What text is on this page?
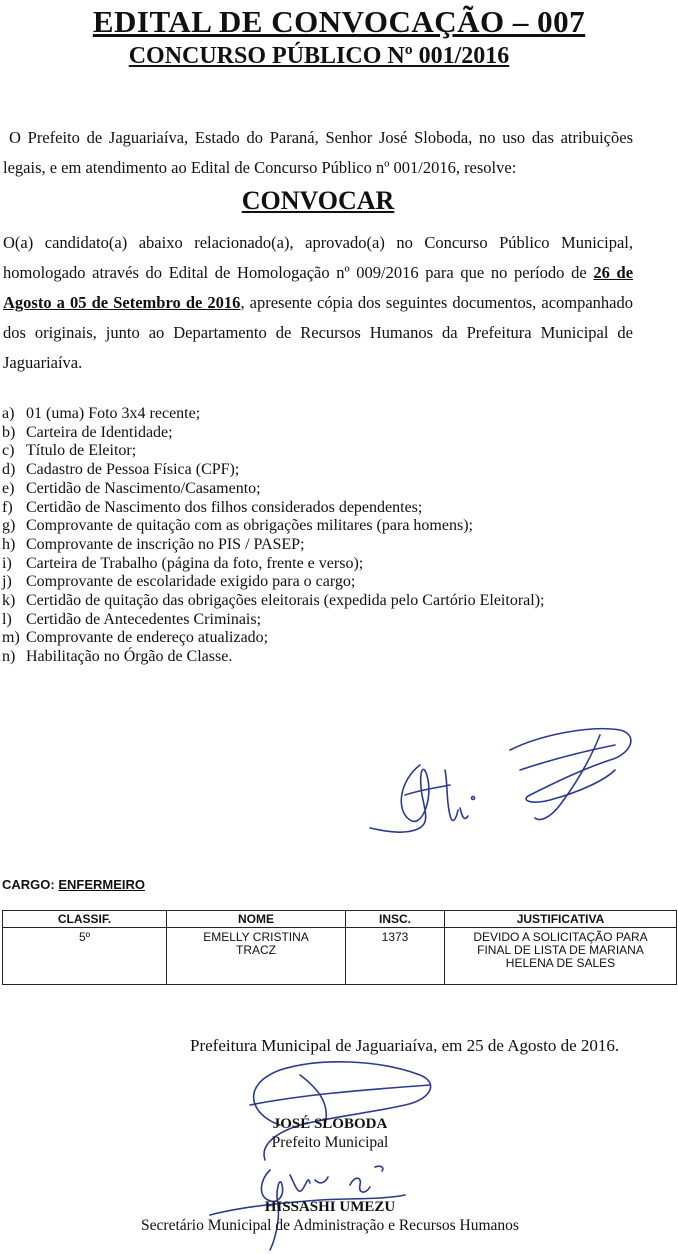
EDITAL DE CONVOCAÇÃO – 007
CONCURSO PÚBLICO Nº 001/2016

O Prefeito de Jaguariaíva, Estado do Paraná, Senhor José Sloboda, no uso das atribuições legais, e em atendimento ao Edital de Concurso Público nº 001/2016, resolve:

CONVOCAR

O(a) candidato(a) abaixo relacionado(a), aprovado(a) no Concurso Público Municipal, homologado através do Edital de Homologação nº 009/2016 para que no período de 26 de Agosto a 05 de Setembro de 2016, apresente cópia dos seguintes documentos, acompanhado dos originais, junto ao Departamento de Recursos Humanos da Prefeitura Municipal de Jaguariaíva.

a) 01 (uma) Foto 3x4 recente;
b) Carteira de Identidade;
c) Título de Eleitor;
d) Cadastro de Pessoa Física (CPF);
e) Certidão de Nascimento/Casamento;
f) Certidão de Nascimento dos filhos considerados dependentes;
g) Comprovante de quitação com as obrigações militares (para homens);
h) Comprovante de inscrição no PIS / PASEP;
i) Carteira de Trabalho (página da foto, frente e verso);
j) Comprovante de escolaridade exigido para o cargo;
k) Certidão de quitação das obrigações eleitorais (expedida pelo Cartório Eleitoral);
l) Certidão de Antecedentes Criminais;
m) Comprovante de endereço atualizado;
n) Habilitação no Órgão de Classe.
CARGO: ENFERMEIRO
CLASSIF.	NOME	INSC.	JUSTIFICATIVA
5º	EMELLY CRISTINA TRACZ	1373	DEVIDO A SOLICITAÇÃO PARA FINAL DE LISTA DE MARIANA HELENA DE SALES
Prefeitura Municipal de Jaguariaíva, em 25 de Agosto de 2016.
JOSÉ SLOBODA
Prefeito Municipal
HISSASHI UMEZU
Secretário Municipal de Administração e Recursos Humanos
